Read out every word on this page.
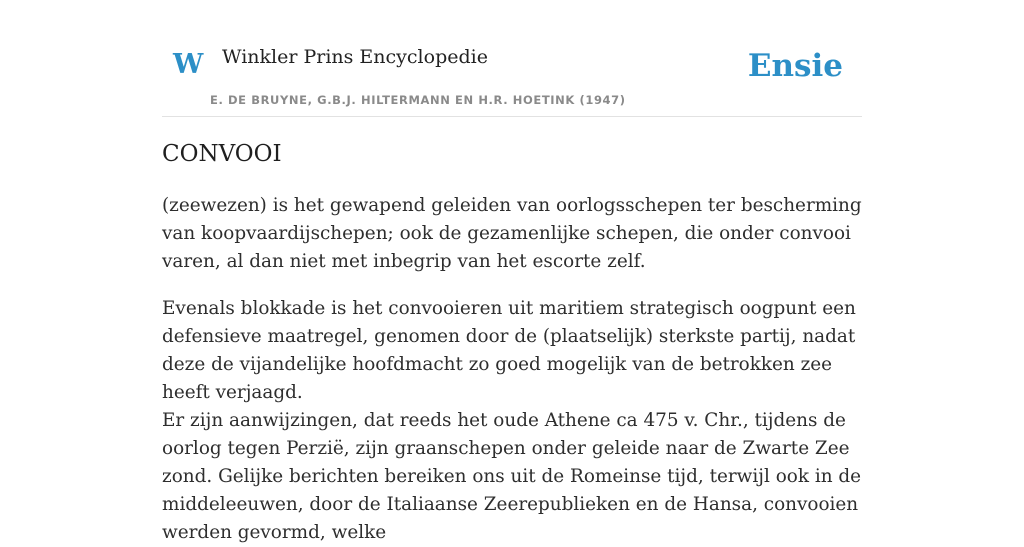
W Winkler Prins Encyclopedie
E. DE BRUYNE, G.B.J. HILTERMANN EN H.R. HOETINK (1947)
Ensie
CONVOOI

(zeewezen) is het gewapend geleiden van oorlogsschepen ter bescherming van koopvaardijschepen; ook de gezamenlijke schepen, die onder convooi varen, al dan niet met inbegrip van het escorte zelf.

Evenals blokkade is het convooieren uit maritiem strategisch oogpunt een defensieve maatregel, genomen door de (plaatselijk) sterkste partij, nadat deze de vijandelijke hoofdmacht zo goed mogelijk van de betrokken zee heeft verjaagd.

Er zijn aanwijzingen, dat reeds het oude Athene ca 475 v. Chr., tijdens de oorlog tegen Perzië, zijn graanschepen onder geleide naar de Zwarte Zee zond. Gelijke berichten bereiken ons uit de Romeinse tijd, terwijl ook in de middeleeuwen, door de Italiaanse Zeerepublieken en de Hansa, convooien werden gevormd, welke
